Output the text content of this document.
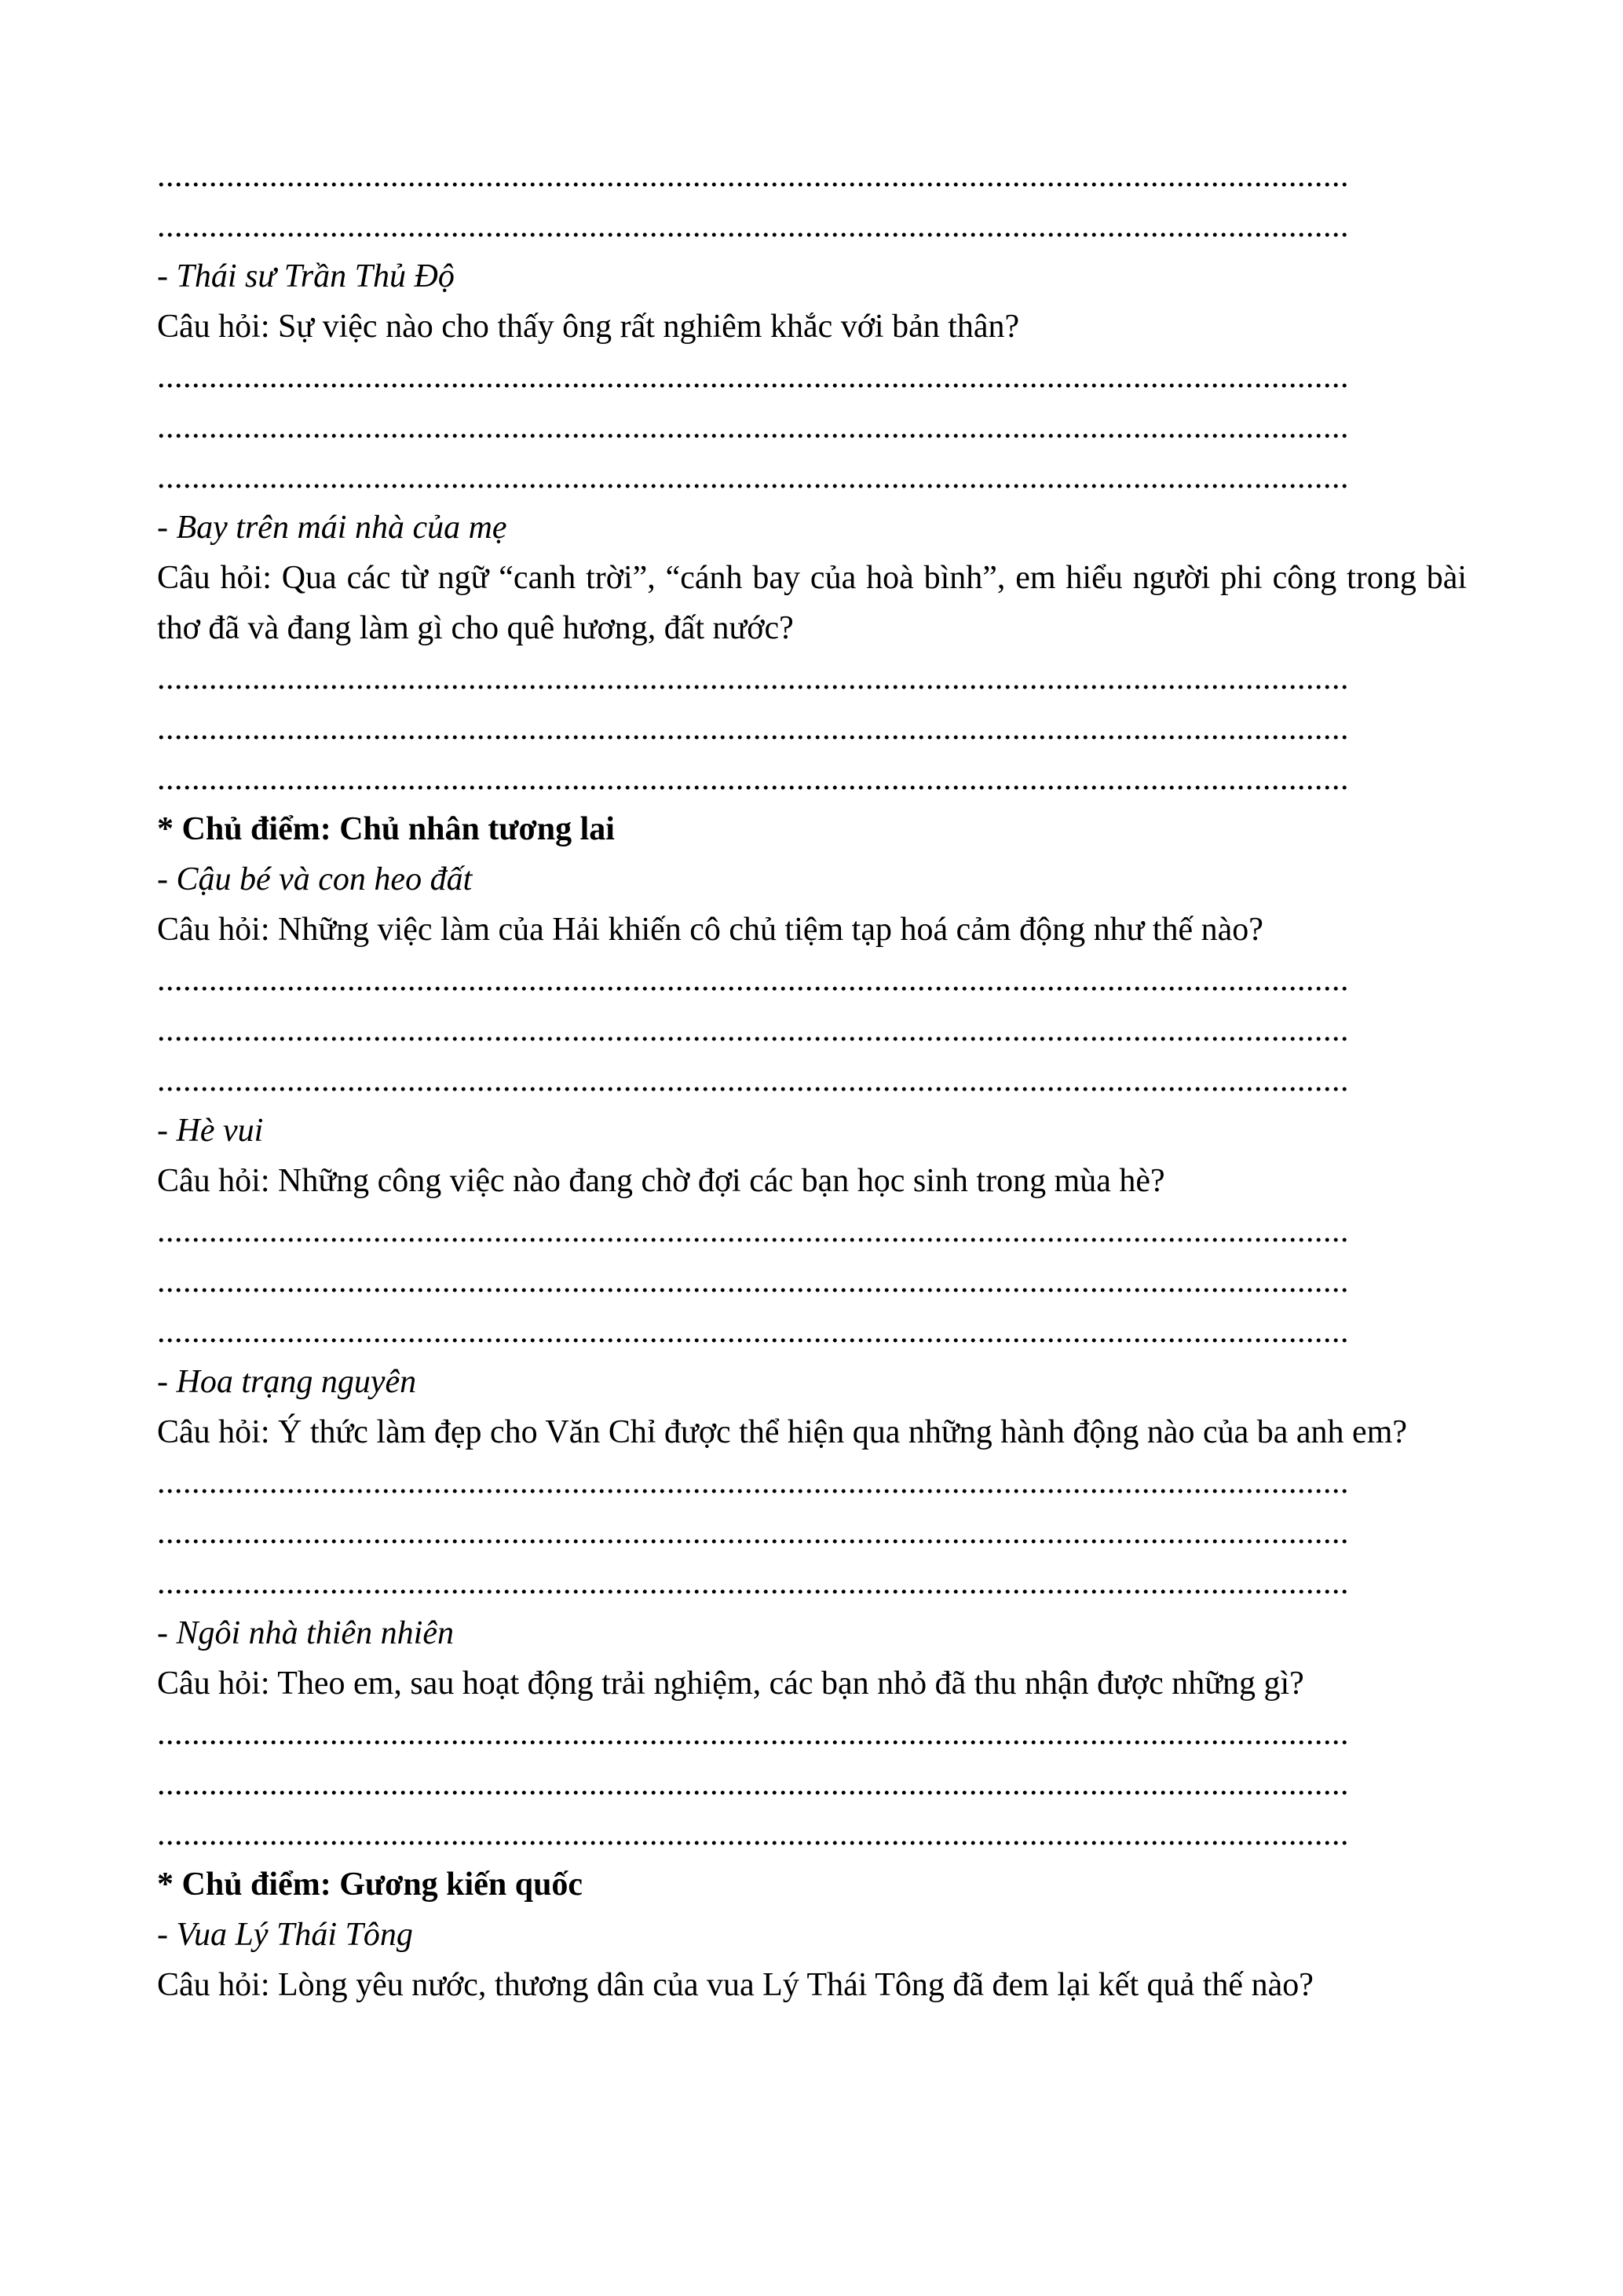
..........................................................................................................................................
..........................................................................................................................................
- Thái sư Trần Thủ Độ
Câu hỏi: Sự việc nào cho thấy ông rất nghiêm khắc với bản thân?
..........................................................................................................................................
..........................................................................................................................................
..........................................................................................................................................
- Bay trên mái nhà của mẹ
Câu hỏi: Qua các từ ngữ “canh trời”, “cánh bay của hoà bình”, em hiểu người phi công trong bài thơ đã và đang làm gì cho quê hương, đất nước?
..........................................................................................................................................
..........................................................................................................................................
..........................................................................................................................................
* Chủ điểm: Chủ nhân tương lai
- Cậu bé và con heo đất
Câu hỏi: Những việc làm của Hải khiến cô chủ tiệm tạp hoá cảm động như thế nào?
..........................................................................................................................................
..........................................................................................................................................
..........................................................................................................................................
- Hè vui
Câu hỏi: Những công việc nào đang chờ đợi các bạn học sinh trong mùa hè?
..........................................................................................................................................
..........................................................................................................................................
..........................................................................................................................................
- Hoa trạng nguyên
Câu hỏi: Ý thức làm đẹp cho Văn Chỉ được thể hiện qua những hành động nào của ba anh em?
..........................................................................................................................................
..........................................................................................................................................
..........................................................................................................................................
- Ngôi nhà thiên nhiên
Câu hỏi: Theo em, sau hoạt động trải nghiệm, các bạn nhỏ đã thu nhận được những gì?
..........................................................................................................................................
..........................................................................................................................................
..........................................................................................................................................
* Chủ điểm: Gương kiến quốc
- Vua Lý Thái Tông
Câu hỏi: Lòng yêu nước, thương dân của vua Lý Thái Tông đã đem lại kết quả thế nào?
